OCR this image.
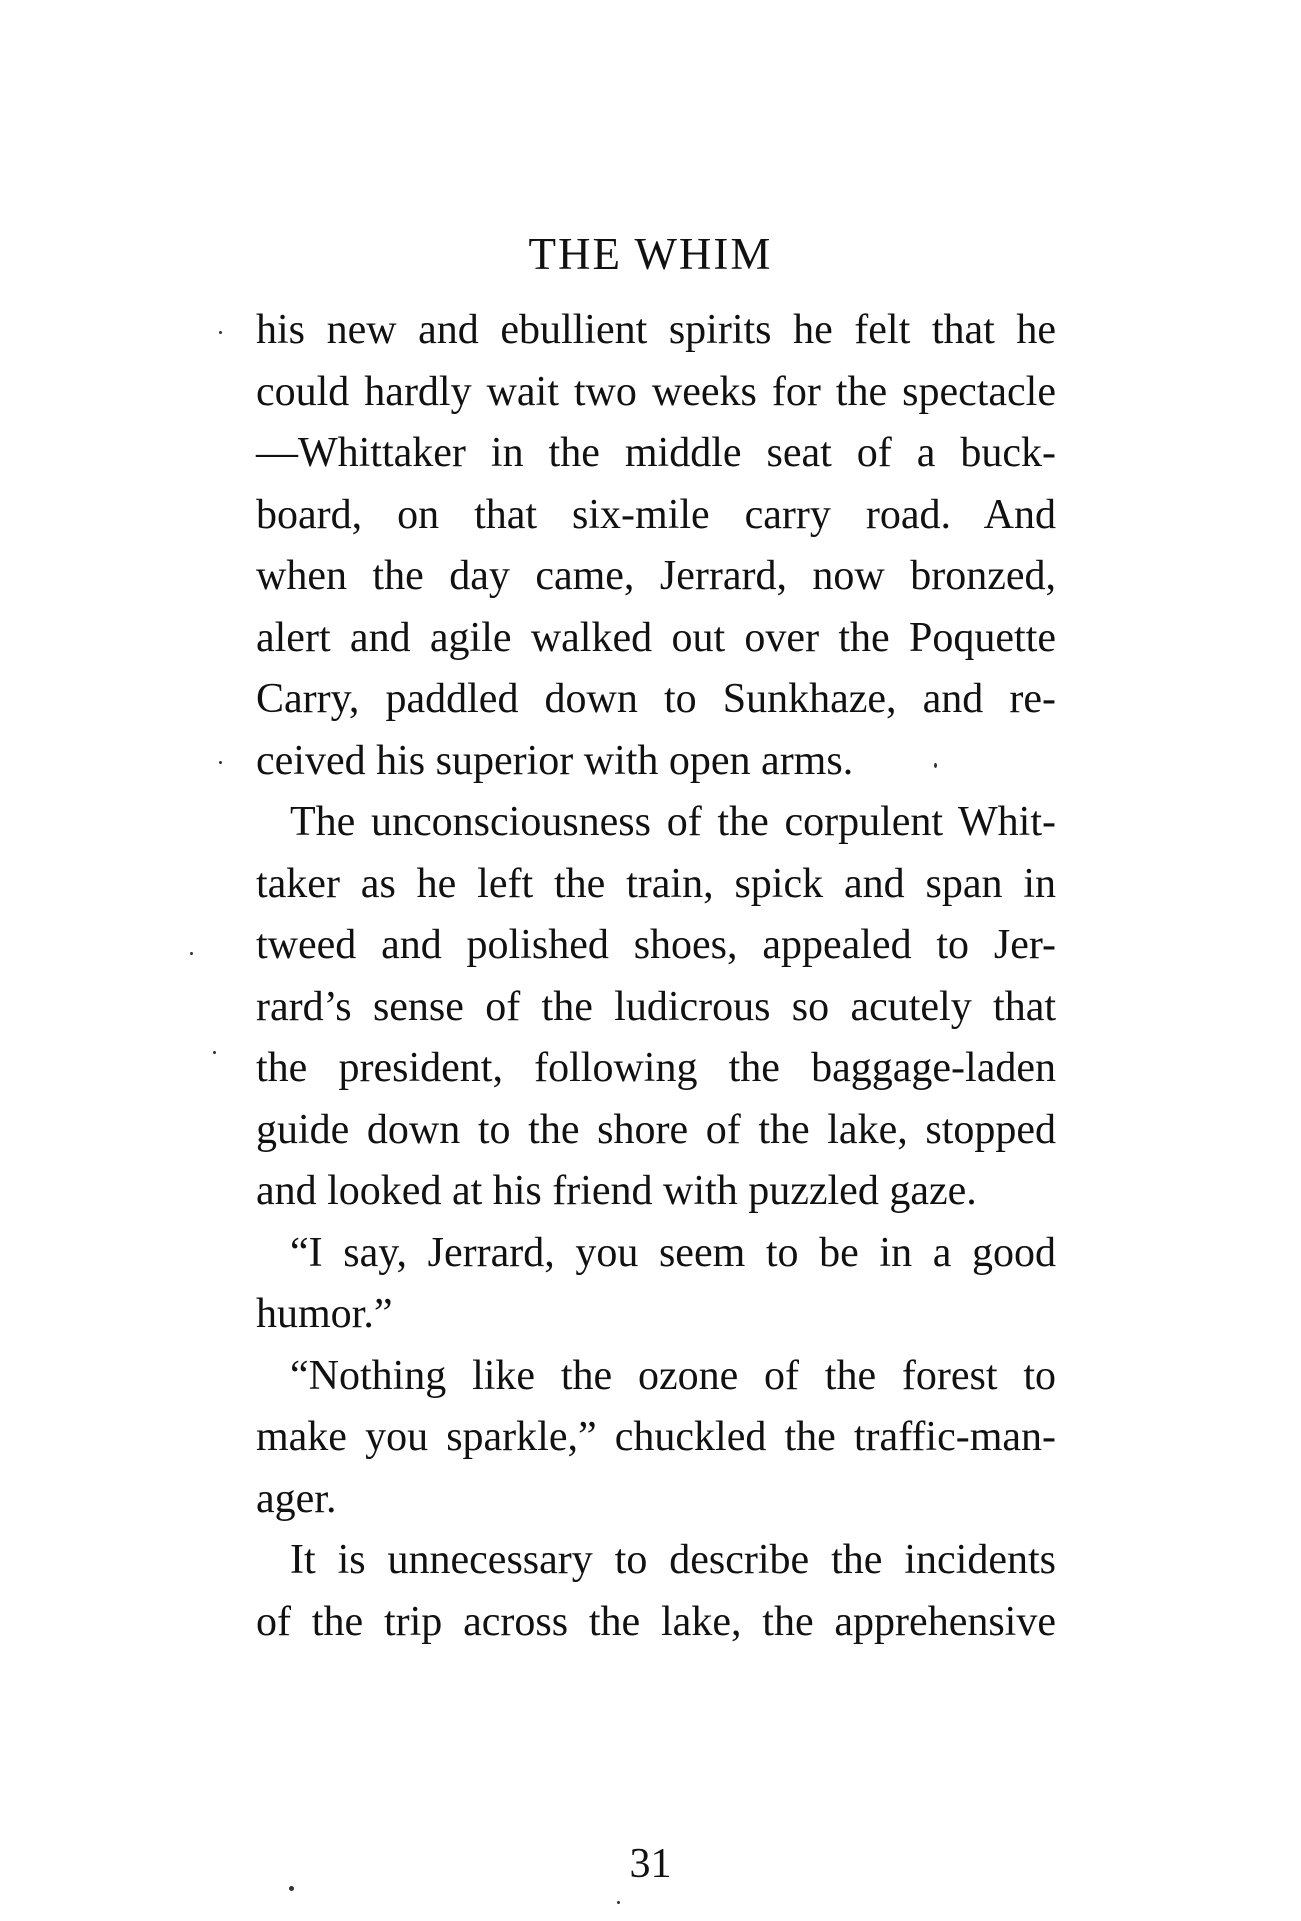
THE WHIM

his new and ebullient spirits he felt that he
could hardly wait two weeks for the spectacle
—Whittaker in the middle seat of a buck-
board, on that six-mile carry road. And
when the day came, Jerrard, now bronzed,
alert and agile walked out over the Poquette
Carry, paddled down to Sunkhaze, and re-
ceived his superior with open arms.

The unconsciousness of the corpulent Whit-
taker as he left the train, spick and span in
tweed and polished shoes, appealed to Jer-
rard’s sense of the ludicrous so acutely that
the president, following the baggage-laden
guide down to the shore of the lake, stopped
and looked at his friend with puzzled gaze.

“I say, Jerrard, you seem to be in a good
humor.”

“Nothing like the ozone of the forest to
make you sparkle,” chuckled the traffic-man-
ager.

It is unnecessary to describe the incidents
of the trip across the lake, the apprehensive

31
